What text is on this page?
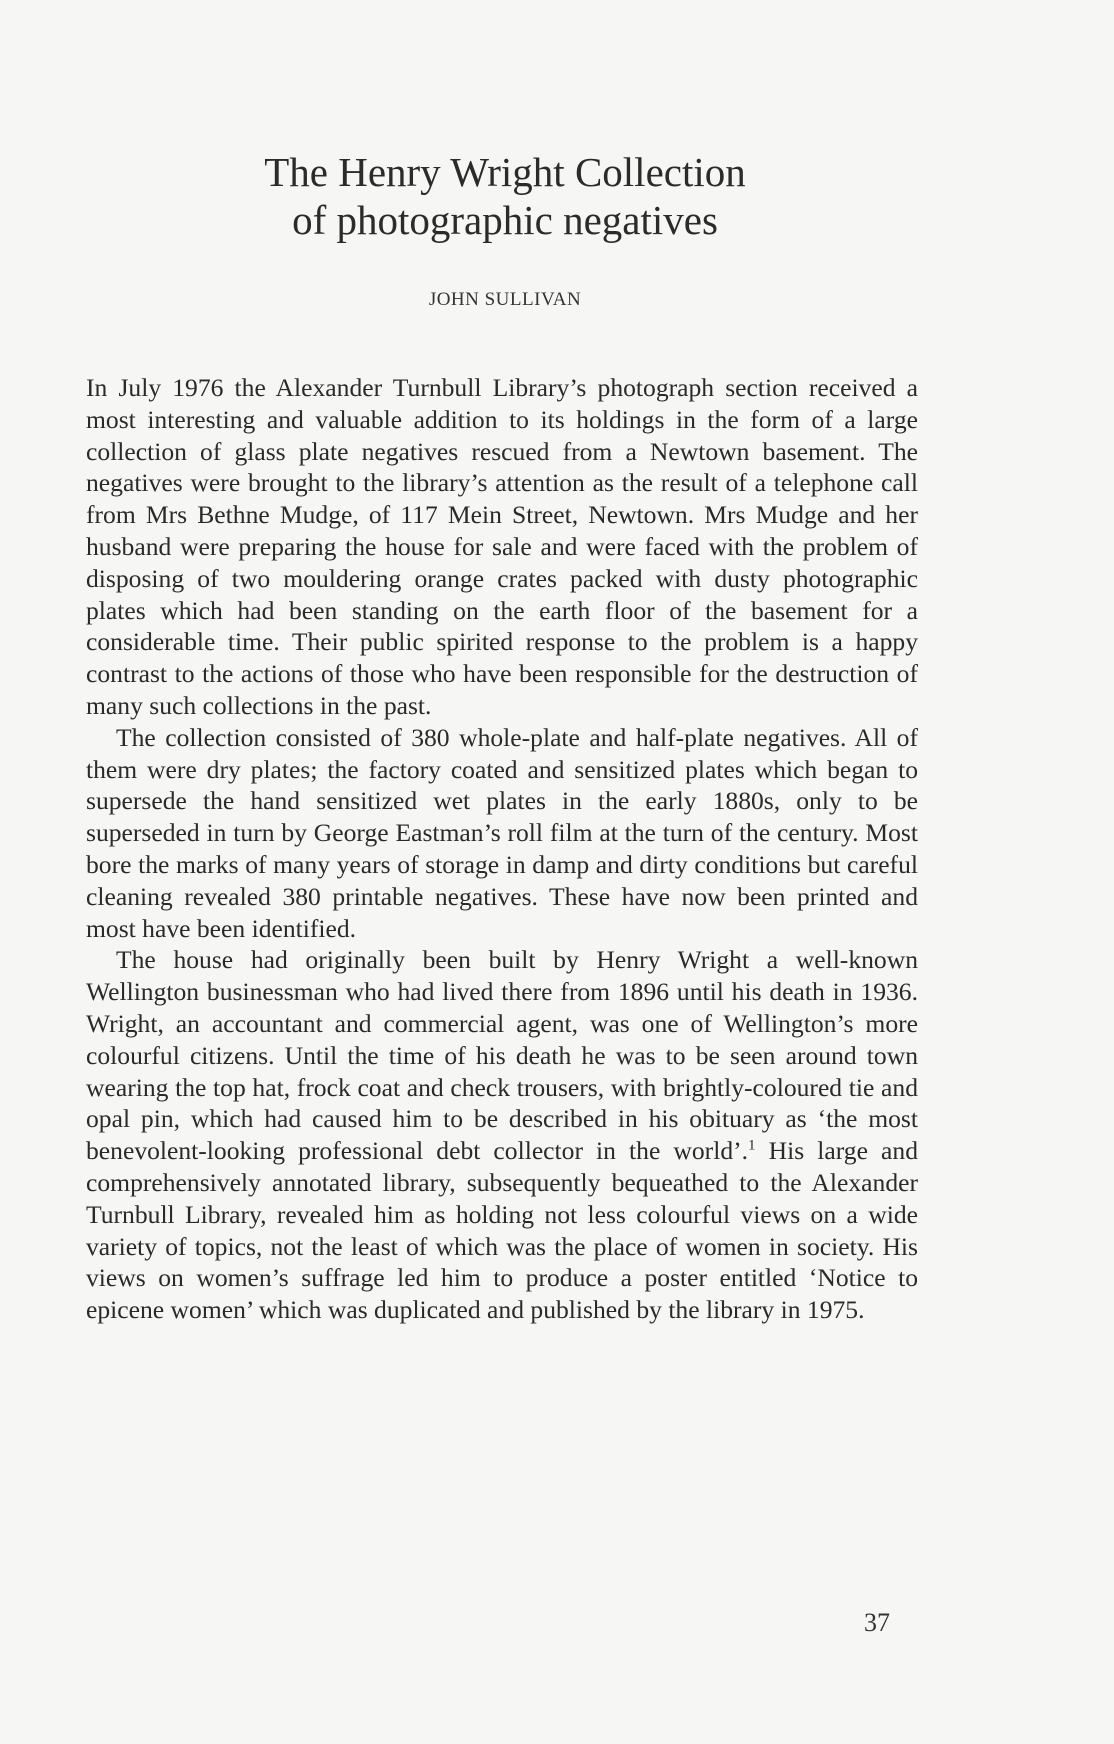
The Henry Wright Collection
of photographic negatives
JOHN SULLIVAN

In July 1976 the Alexander Turnbull Library’s photograph section received a most interesting and valuable addition to its holdings in the form of a large collection of glass plate negatives rescued from a Newtown basement. The negatives were brought to the library’s attention as the result of a telephone call from Mrs Bethne Mudge, of 117 Mein Street, Newtown. Mrs Mudge and her husband were preparing the house for sale and were faced with the problem of disposing of two mouldering orange crates packed with dusty photographic plates which had been standing on the earth floor of the basement for a considerable time. Their public spirited response to the problem is a happy contrast to the actions of those who have been responsible for the destruction of many such collections in the past.

The collection consisted of 380 whole-plate and half-plate negatives. All of them were dry plates; the factory coated and sensitized plates which began to supersede the hand sensitized wet plates in the early 1880s, only to be superseded in turn by George Eastman’s roll film at the turn of the century. Most bore the marks of many years of storage in damp and dirty conditions but careful cleaning revealed 380 printable negatives. These have now been printed and most have been identified.

The house had originally been built by Henry Wright a well-known Wellington businessman who had lived there from 1896 until his death in 1936. Wright, an accountant and commercial agent, was one of Wellington’s more colourful citizens. Until the time of his death he was to be seen around town wearing the top hat, frock coat and check trousers, with brightly-coloured tie and opal pin, which had caused him to be described in his obituary as ‘the most benevolent-looking professional debt collector in the world’.$^1$ His large and comprehensively annotated library, subsequently bequeathed to the Alexander Turnbull Library, revealed him as holding not less colourful views on a wide variety of topics, not the least of which was the place of women in society. His views on women’s suffrage led him to produce a poster entitled ‘Notice to epicene women’ which was duplicated and published by the library in 1975.

37
